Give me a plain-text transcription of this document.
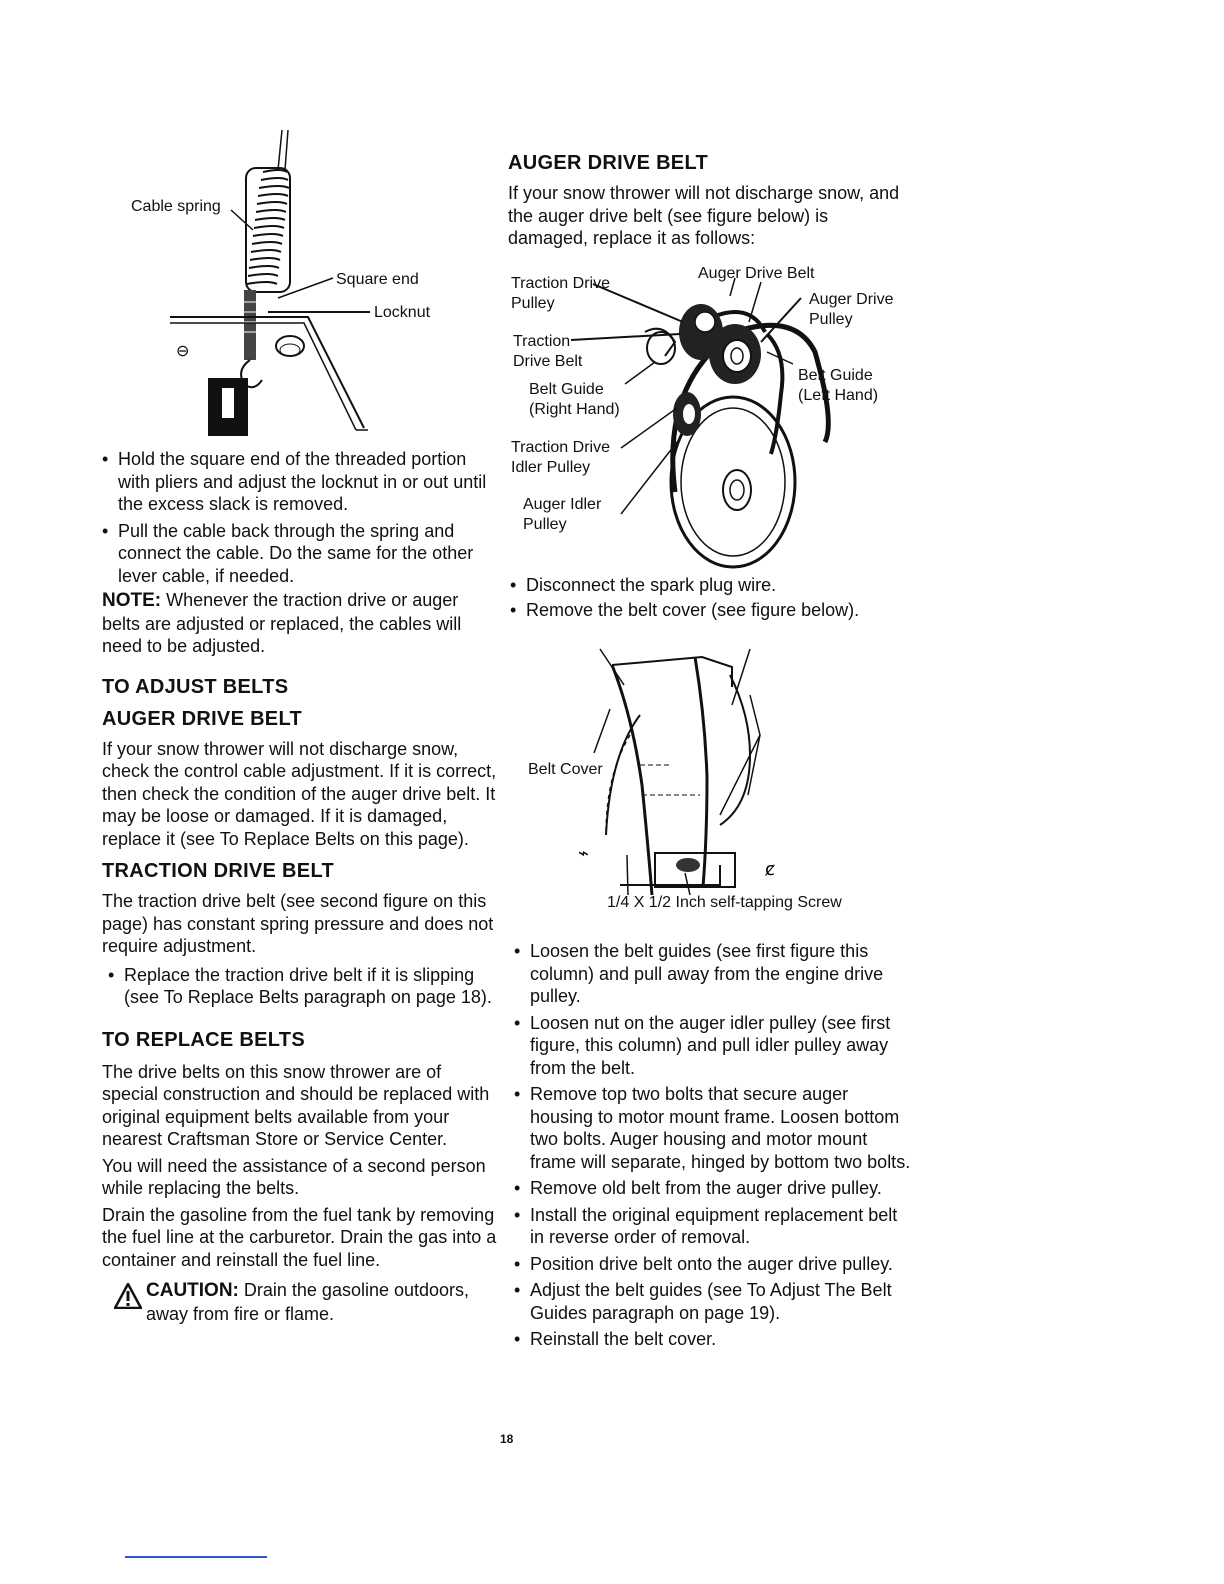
⊖
Cable spring
Square end
Locknut
• Hold the square end of the threaded portion with pliers and adjust the locknut in or out until the excess slack is removed.
• Pull the cable back through the spring and connect the cable. Do the same for the other lever cable, if needed.

NOTE: Whenever the traction drive or auger belts are adjusted or replaced, the cables will need to be adjusted.

TO ADJUST BELTS
AUGER DRIVE BELT

If your snow thrower will not discharge snow, check the control cable adjustment. If it is correct, then check the condition of the auger drive belt. It may be loose or damaged. If it is damaged, replace it (see To Replace Belts on this page).

TRACTION DRIVE BELT

The traction drive belt (see second figure on this page) has constant spring pressure and does not require adjustment.

• Replace the traction drive belt if it is slipping (see To Replace Belts paragraph on page 18).
TO REPLACE BELTS

The drive belts on this snow thrower are of special construction and should be replaced with original equipment belts available from your nearest Craftsman Store or Service Center.

You will need the assistance of a second person while replacing the belts.

Drain the gasoline from the fuel tank by removing the fuel line at the carburetor. Drain the gas into a container and reinstall the fuel line.

CAUTION: Drain the gasoline outdoors, away from fire or flame.

AUGER DRIVE BELT

If your snow thrower will not discharge snow, and the auger drive belt (see figure below) is damaged, replace it as follows:

Traction Drive
Pulley
Auger Drive Belt
Auger Drive
Pulley
Traction
Drive Belt
Belt Guide
(Right Hand)
Belt Guide
(Left Hand)
Traction Drive
Idler Pulley
Auger Idler
Pulley
• Disconnect the spark plug wire.
• Remove the belt cover (see figure below).
⌁
ȼ
Belt Cover
1/4 X 1/2 Inch self-tapping Screw
• Loosen the belt guides (see first figure this column) and pull away from the engine drive pulley.
• Loosen nut on the auger idler pulley (see first figure, this column) and pull idler pulley away from the belt.
• Remove top two bolts that secure auger housing to motor mount frame. Loosen bottom two bolts. Auger housing and motor mount frame will separate, hinged by bottom two bolts.
• Remove old belt from the auger drive pulley.
• Install the original equipment replacement belt in reverse order of removal.
• Position drive belt onto the auger drive pulley.
• Adjust the belt guides (see To Adjust The Belt Guides paragraph on page 19).
• Reinstall the belt cover.
18
